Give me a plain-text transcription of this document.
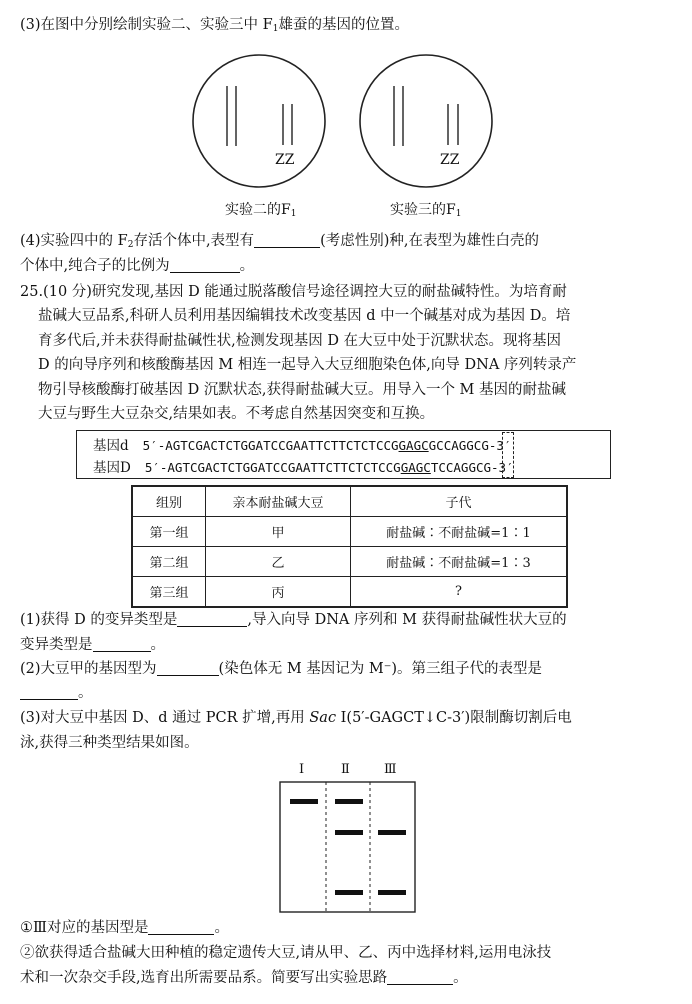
(3)在图中分别绘制实验二、实验三中 $F_1$雄蚕的基因的位置。
ZZ	ZZ
实验二的$F_1$	实验三的$F_1$
(4)实验四中的 $F_2$存活个体中,表型有	(考虑性别)种,在表型为雄性白壳的
个体中,纯合子的比例为	。
25.(10 分)研究发现,基因 D 能通过脱落酸信号途径调控大豆的耐盐碱特性。为培育耐
盐碱大豆品系,科研人员利用基因编辑技术改变基因 d 中一个碱基对成为基因 D。培
育多代后,并未获得耐盐碱性状,检测发现基因 D 在大豆中处于沉默状态。现将基因
D 的向导序列和核酸酶基因 M 相连一起导入大豆细胞染色体,向导 DNA 序列转录产
物引导核酸酶打破基因 D 沉默状态,获得耐盐碱大豆。用导入一个 M 基因的耐盐碱
大豆与野生大豆杂交,结果如表。不考虑自然基因突变和互换。
基因d 5′-AGTCGACTCTGGATCCGAATTCTTCTCTCCGGAGCGCCAGGCG-3′
基因D 5′-AGTCGACTCTGGATCCGAATTCTTCTCTCCGGAGCTCCAGGCG-3′
组别	亲本耐盐碱大豆	子代
第一组	甲	耐盐碱∶不耐盐碱=1∶1
第二组	乙	耐盐碱∶不耐盐碱=1∶3
第三组	丙	?
(1)获得 D 的变异类型是	,导入向导 DNA 序列和 M 获得耐盐碱性状大豆的
变异类型是	。
(2)大豆甲的基因型为	(染色体无 M 基因记为 M⁻)。第三组子代的表型是
。
(3)对大豆中基因 D、d 通过 PCR 扩增,再用 Sac Ⅰ(5′-GAGCT↓C-3′)限制酶切割后电
泳,获得三种类型结果如图。
Ⅰ	Ⅱ	Ⅲ
①Ⅲ对应的基因型是	。
②欲获得适合盐碱大田种植的稳定遗传大豆,请从甲、乙、丙中选择材料,运用电泳技
术和一次杂交手段,选育出所需要品系。简要写出实验思路	。
